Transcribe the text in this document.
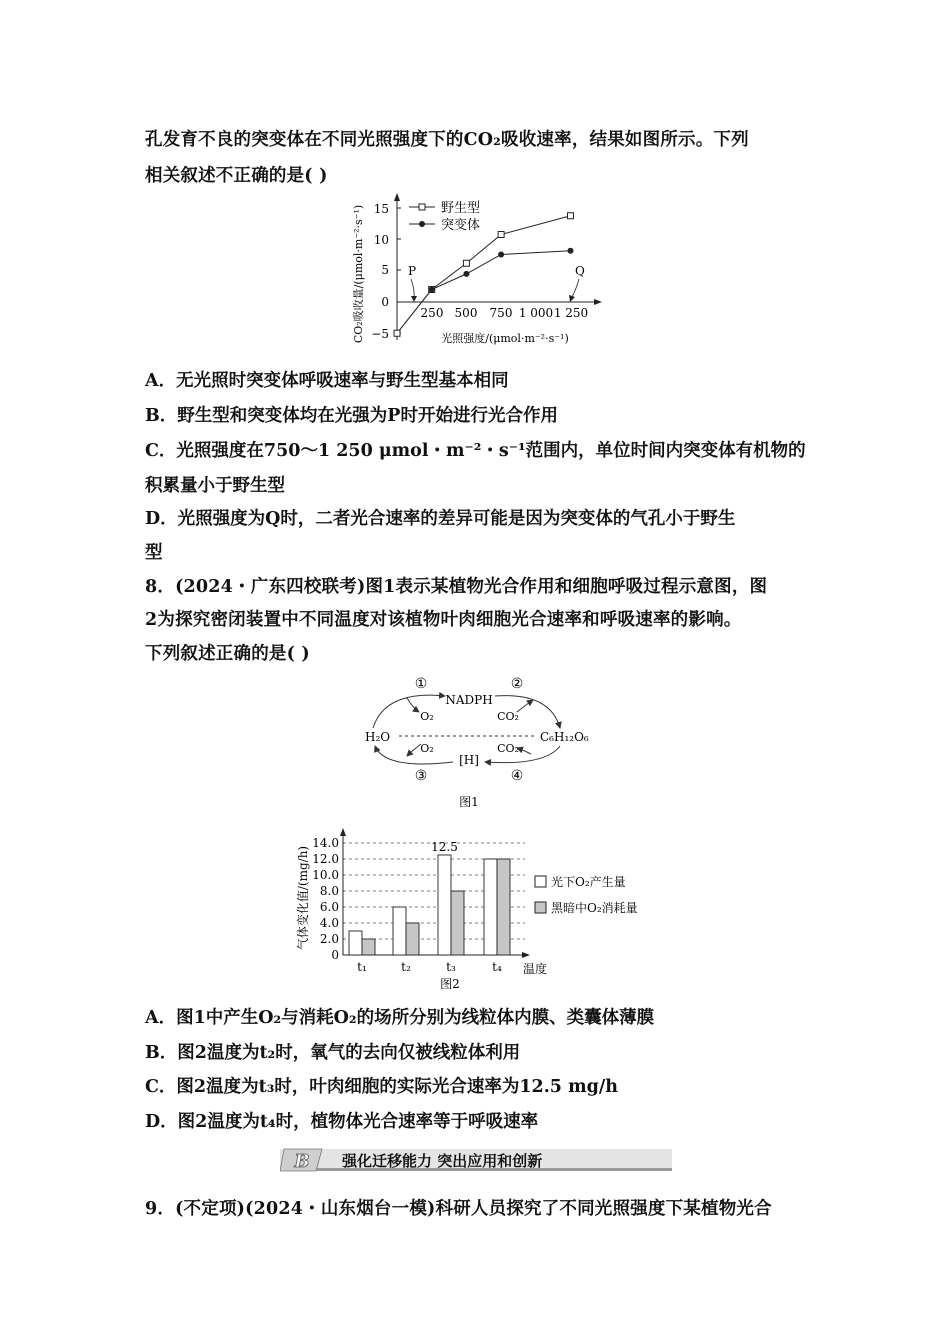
孔发育不良的突变体在不同光照强度下的CO₂吸收速率，结果如图所示。下列
相关叙述不正确的是( )
CO₂吸收量/(μmol·m⁻²·s⁻¹) 15
10
5
0
−5
250 500 750 1 000 1 250
光照强度/(μmol·m⁻²·s⁻¹)
野生型
突变体
P	Q
A．无光照时突变体呼吸速率与野生型基本相同
B．野生型和突变体均在光强为P时开始进行光合作用
C．光照强度在750～1 250 μmol・m⁻²・s⁻¹范围内，单位时间内突变体有机物的
积累量小于野生型
D．光照强度为Q时，二者光合速率的差异可能是因为突变体的气孔小于野生
型
8．(2024・广东四校联考)图1表示某植物光合作用和细胞呼吸过程示意图，图
2为探究密闭装置中不同温度对该植物叶肉细胞光合速率和呼吸速率的影响。
下列叙述正确的是( )
①	②
NADPH
O₂	CO₂
H₂O	C₆H₁₂O₆
O₂	CO₂
[H]
③	④
图1
气体变化值/(mg/h)
14.0
12.0
10.0
8.0
6.0
4.0
2.0
0
12.5
t₁	t₂	t₃	t₄ 温度
图2
光下O₂产生量
黑暗中O₂消耗量
A．图1中产生O₂与消耗O₂的场所分别为线粒体内膜、类囊体薄膜
B．图2温度为t₂时，氧气的去向仅被线粒体利用
C．图2温度为t₃时，叶肉细胞的实际光合速率为12.5 mg/h
D．图2温度为t₄时，植物体光合速率等于呼吸速率
B 强化迁移能力 突出应用和创新
9．(不定项)(2024・山东烟台一模)科研人员探究了不同光照强度下某植物光合
